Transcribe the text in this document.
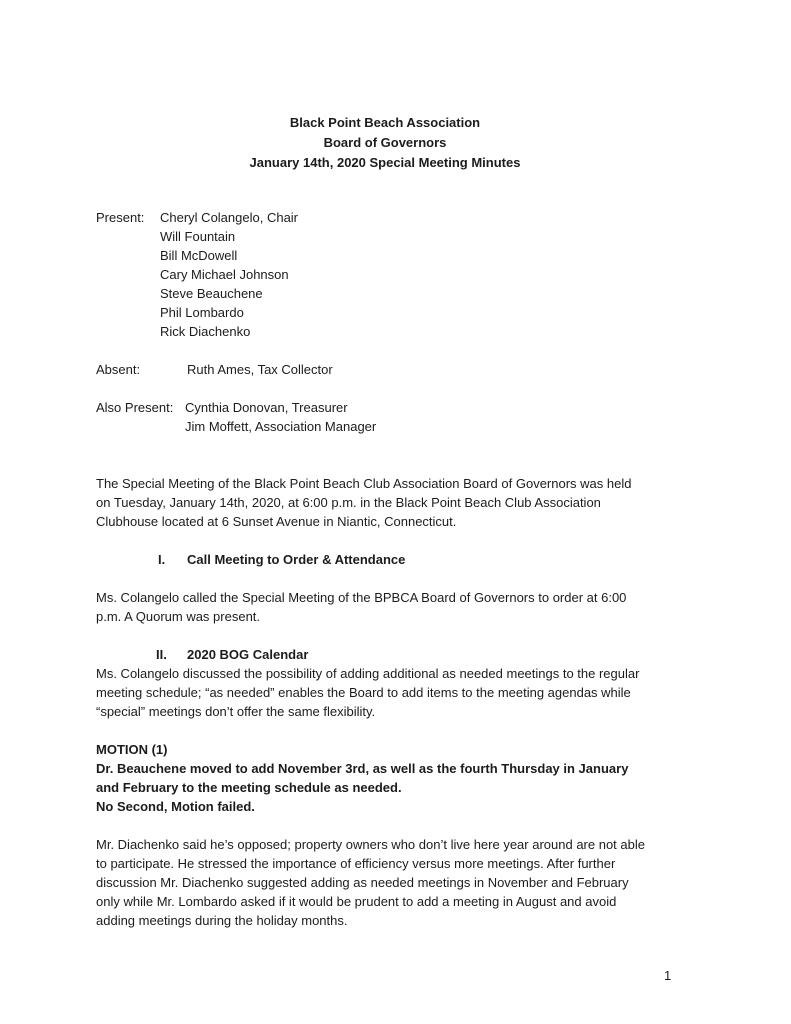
Black Point Beach Association
Board of Governors
January 14th, 2020 Special Meeting Minutes
Present: Cheryl Colangelo, Chair
Will Fountain
Bill McDowell
Cary Michael Johnson
Steve Beauchene
Phil Lombardo
Rick Diachenko
Absent:	Ruth Ames, Tax Collector
Also Present: Cynthia Donovan, Treasurer
Jim Moffett, Association Manager
The Special Meeting of the Black Point Beach Club Association Board of Governors was held
on Tuesday, January 14th, 2020, at 6:00 p.m. in the Black Point Beach Club Association
Clubhouse located at 6 Sunset Avenue in Niantic, Connecticut.
I. Call Meeting to Order & Attendance
Ms. Colangelo called the Special Meeting of the BPBCA Board of Governors to order at 6:00
p.m. A Quorum was present.
II. 2020 BOG Calendar
Ms. Colangelo discussed the possibility of adding additional as needed meetings to the regular
meeting schedule; “as needed” enables the Board to add items to the meeting agendas while
“special” meetings don’t offer the same flexibility.
MOTION (1)
Dr. Beauchene moved to add November 3rd, as well as the fourth Thursday in January
and February to the meeting schedule as needed.
No Second, Motion failed.
Mr. Diachenko said he’s opposed; property owners who don’t live here year around are not able
to participate. He stressed the importance of efficiency versus more meetings. After further
discussion Mr. Diachenko suggested adding as needed meetings in November and February
only while Mr. Lombardo asked if it would be prudent to add a meeting in August and avoid
adding meetings during the holiday months.
1
